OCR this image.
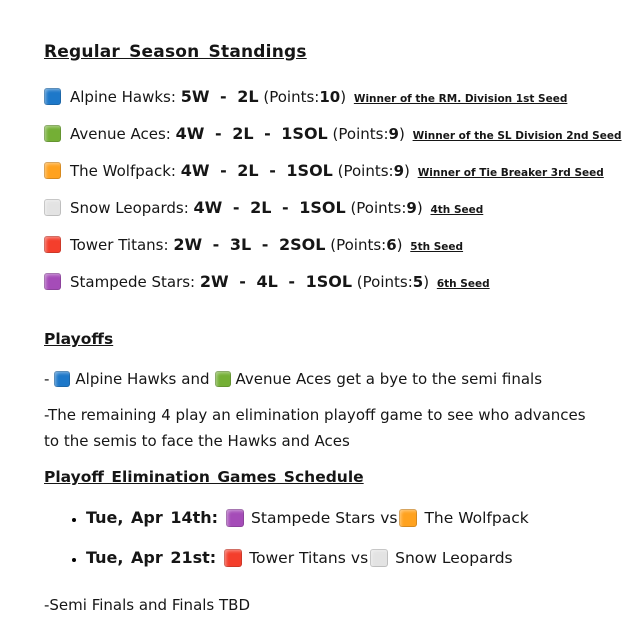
Regular Season Standings
Alpine Hawks: 5W - 2L (Points:10) Winner of the RM. Division 1st Seed
Avenue Aces: 4W - 2L - 1SOL (Points:9) Winner of the SL Division 2nd Seed
The Wolfpack: 4W - 2L - 1SOL (Points:9) Winner of Tie Breaker 3rd Seed
Snow Leopards: 4W - 2L - 1SOL (Points:9) 4th Seed
Tower Titans: 2W - 3L - 2SOL (Points:6) 5th Seed
Stampede Stars: 2W - 4L - 1SOL (Points:5) 6th Seed
Playoffs
- Alpine Hawks and Avenue Aces get a bye to the semi finals
-The remaining 4 play an elimination playoff game to see who advances
to the semis to face the Hawks and Aces
Playoff Elimination Games Schedule
• Tue, Apr 14th: Stampede Stars vs The Wolfpack
• Tue, Apr 21st: Tower Titans vs Snow Leopards
-Semi Finals and Finals TBD
